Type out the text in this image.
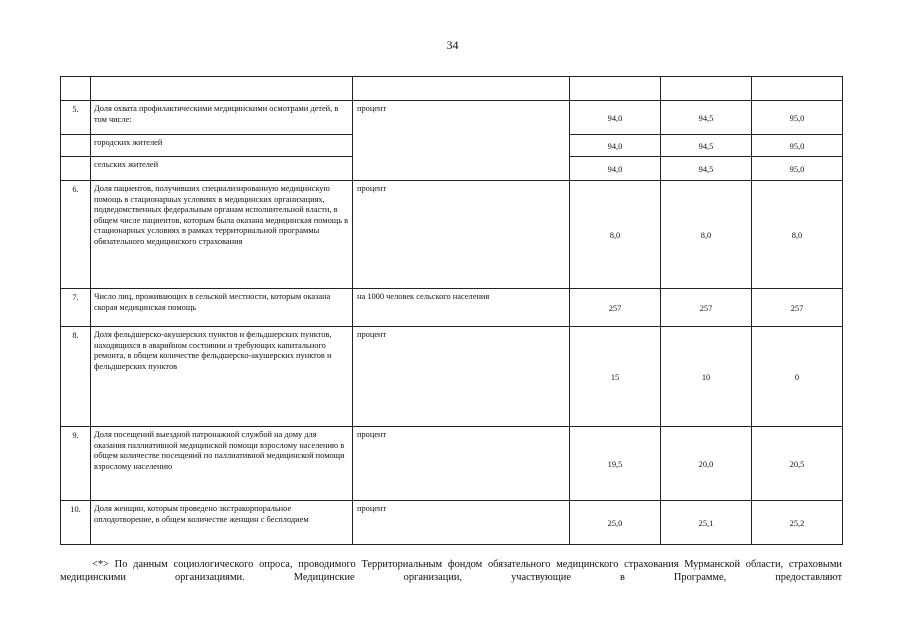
34

5.	Доля охвата профилактическими медицинскими осмотрами детей, в том числе:	процент	94,0	94,5	95,0
	городских жителей		94,0	94,5	95,0
	сельских жителей		94,0	94,5	95,0
6.	Доля пациентов, получивших специализированную медицинскую помощь в стационарных условиях в медицинских организациях, подведомственных федеральным органам исполнительной власти, в общем числе пациентов, которым была оказана медицинская помощь в стационарных условиях в рамках территориальной программы обязательного медицинского страхования	процент	8,0	8,0	8,0
7.	Число лиц, проживающих в сельской местности, которым оказана скорая медицинская помощь	на 1000 человек сельского населения	257	257	257
8.	Доля фельдшерско-акушерских пунктов и фельдшерских пунктов, находящихся в аварийном состоянии и требующих капитального ремонта, в общем количестве фельдшерско-акушерских пунктов и фельдшерских пунктов	процент	15	10	0
9.	Доля посещений выездной патронажной службой на дому для оказания паллиативной медицинской помощи взрослому населению в общем количестве посещений по паллиативной медицинской помощи взрослому населению	процент	19,5	20,0	20,5
10.	Доля женщин, которым проведено экстракорпоральное оплодотворение, в общем количестве женщин с бесплодием	процент	25,0	25,1	25,2
<*> По данным социологического опроса, проводимого Территориальным фондом обязательного медицинского страхования Мурманской области, страховыми медицинскими организациями. Медицинские организации, участвующие в Программе, предоставляют
